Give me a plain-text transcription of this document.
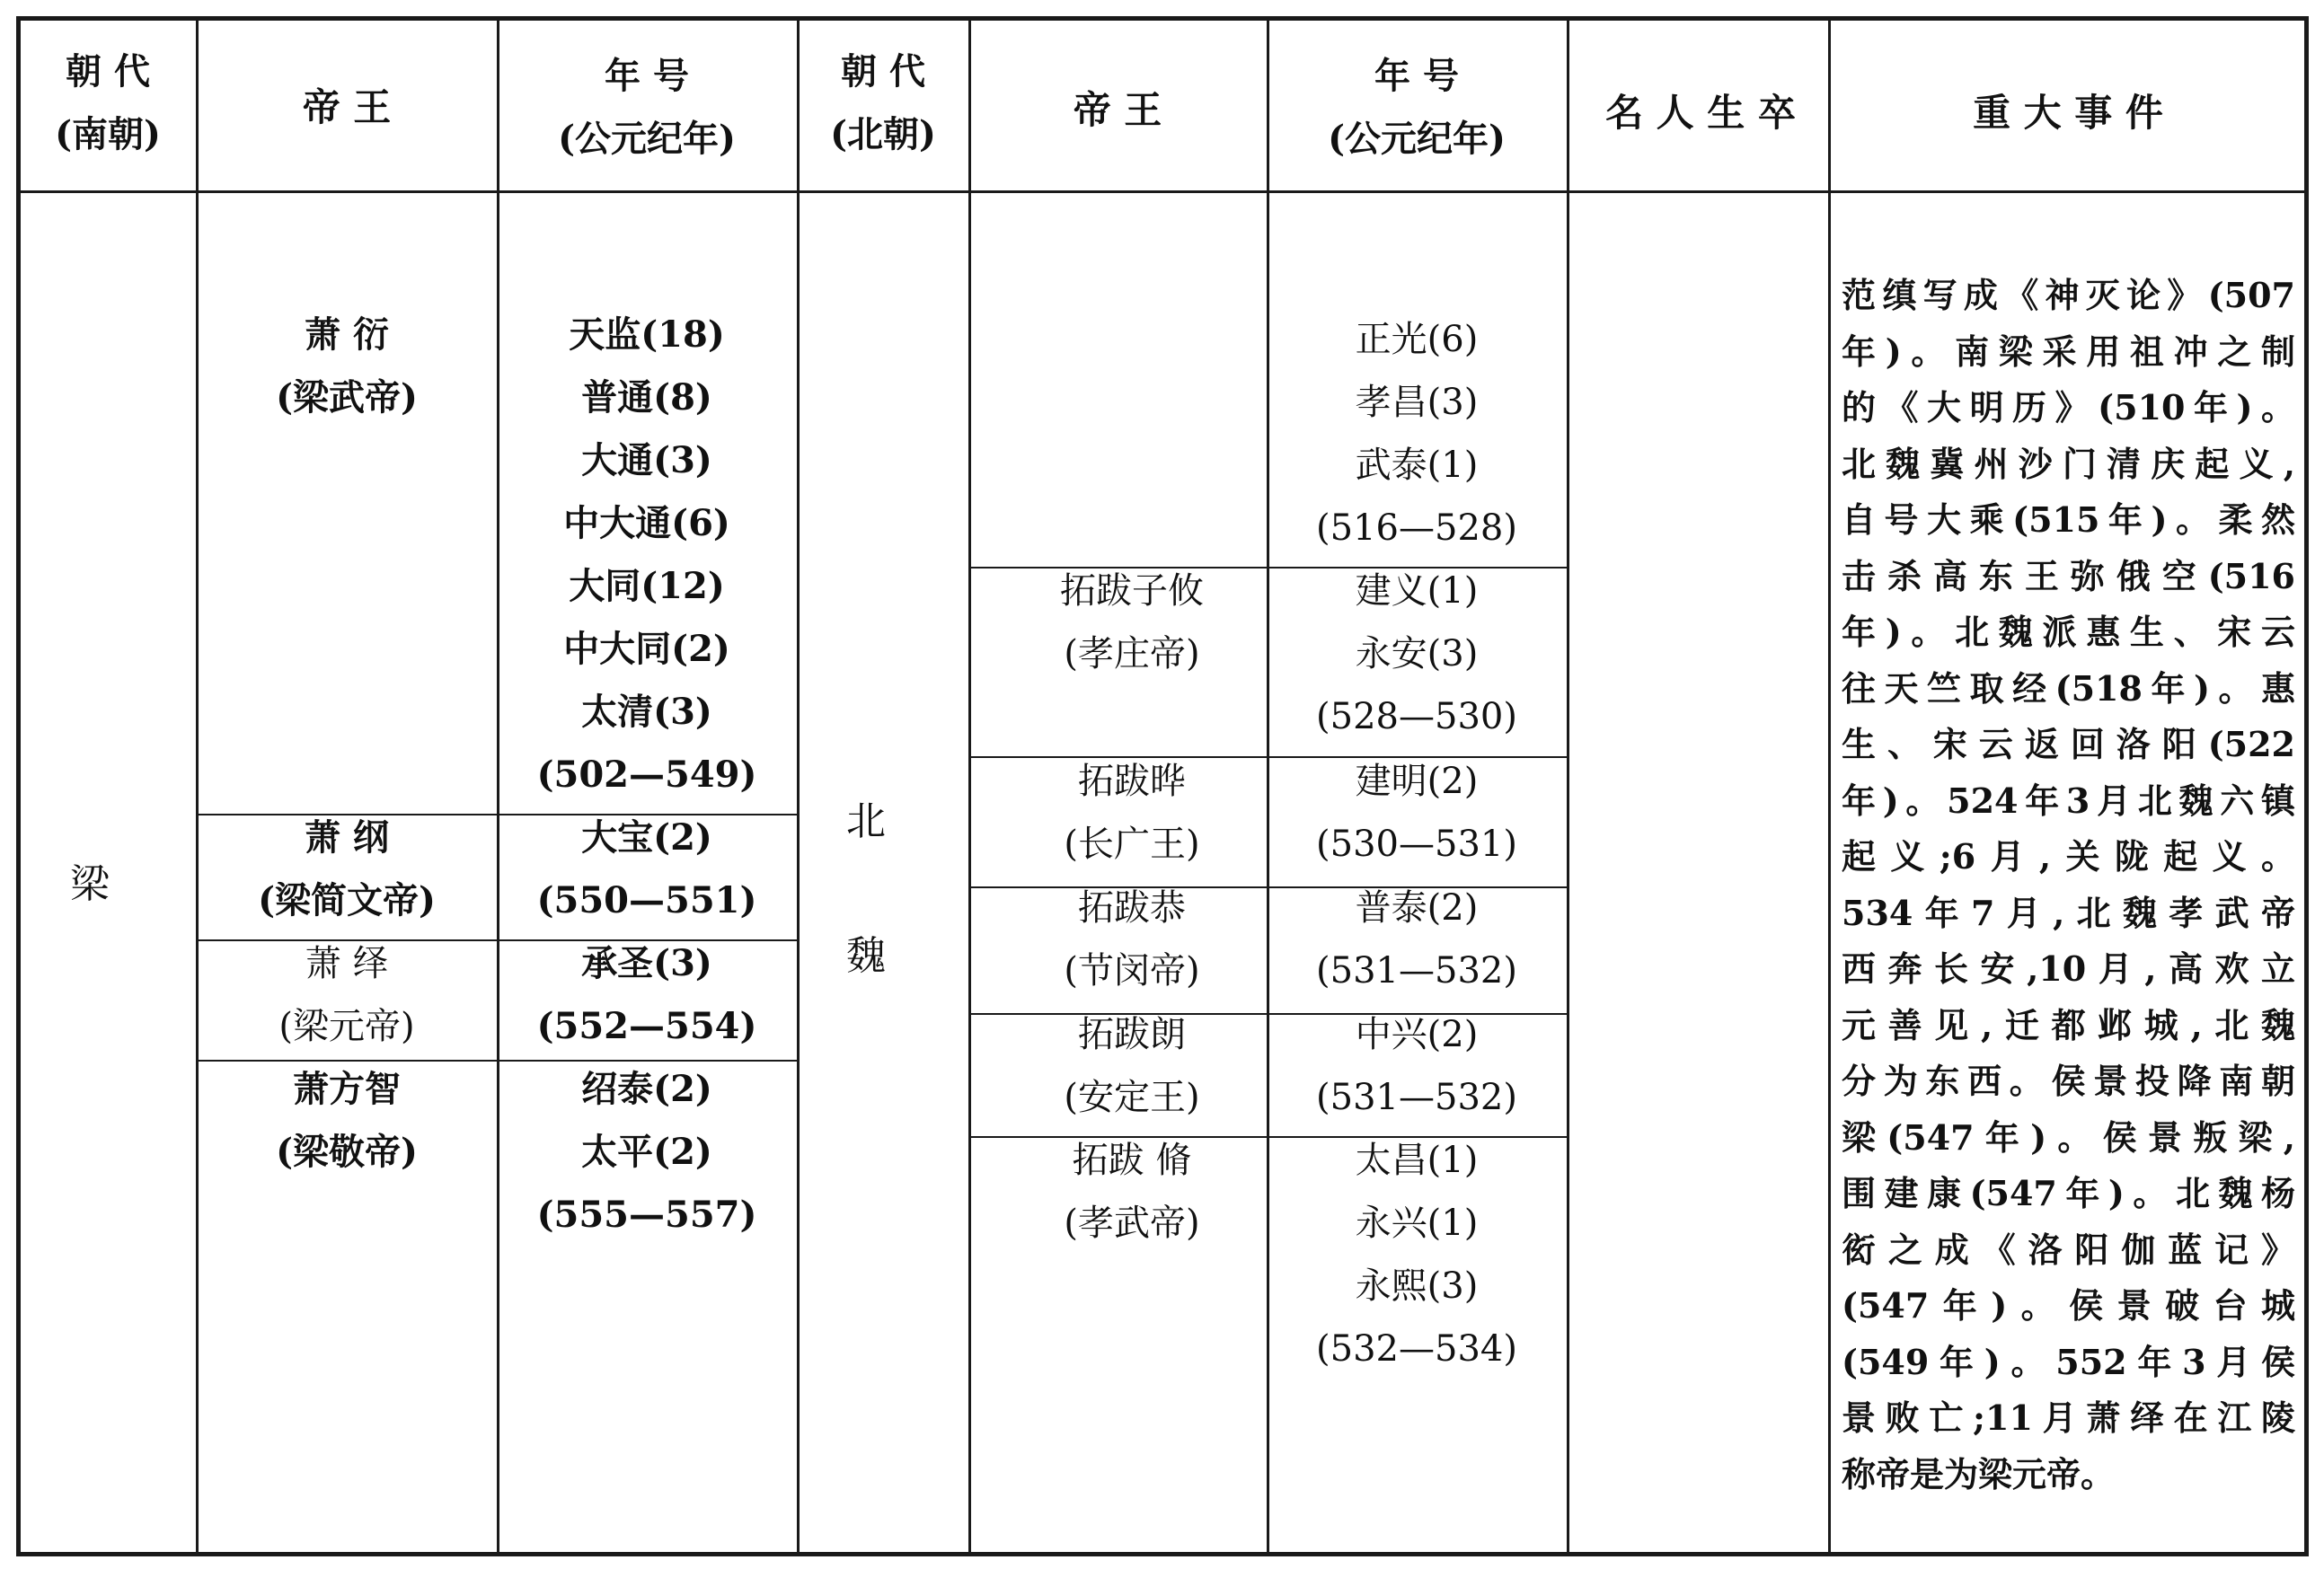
朝 代
(南朝)
帝 王
年 号
(公元纪年)
朝 代
(北朝)
帝 王
年 号
(公元纪年)
名 人 生 卒	重 大 事 件
梁
萧 衍
(梁武帝)
天监(18)
普通(8)
大通(3)
中大通(6)
大同(12)
中大同(2)
太清(3)
(502—549)
萧 纲
(梁简文帝)
大宝(2)
(550—551)
萧 绎
(梁元帝)
承圣(3)
(552—554)
萧方智
(梁敬帝)
绍泰(2)
太平(2)
(555—557)
北
魏
正光(6)
孝昌(3)
武泰(1)
(516—528)
拓跋子攸
(孝庄帝)
建义(1)
永安(3)
(528—530)
拓跋晔
(长广王)
建明(2)
(530—531)
拓跋恭
(节闵帝)
普泰(2)
(531—532)
拓跋朗
(安定王)
中兴(2)
(531—532)
拓跋 脩
(孝武帝)
太昌(1)
永兴(1)
永熙(3)
(532—534)
范缜写成《神灭论》(507
年)。南梁采用祖冲之制
的《大明历》(510年)。
北魏冀州沙门清庆起义,
自号大乘(515年)。柔然
击杀高东王弥俄空(516
年)。北魏派惠生、宋云
往天竺取经(518年)。惠
生、宋云返回洛阳(522
年)。524年3月北魏六镇
起义;6月,关陇起义。
534年7月,北魏孝武帝
西奔长安,10月,高欢立
元善见,迁都邺城,北魏
分为东西。侯景投降南朝
梁(547年)。侯景叛梁,
围建康(547年)。北魏杨
衒之成《洛阳伽蓝记》
(547年)。侯景破台城
(549年)。552年3月侯
景败亡;11月萧绎在江陵
称帝是为梁元帝。
